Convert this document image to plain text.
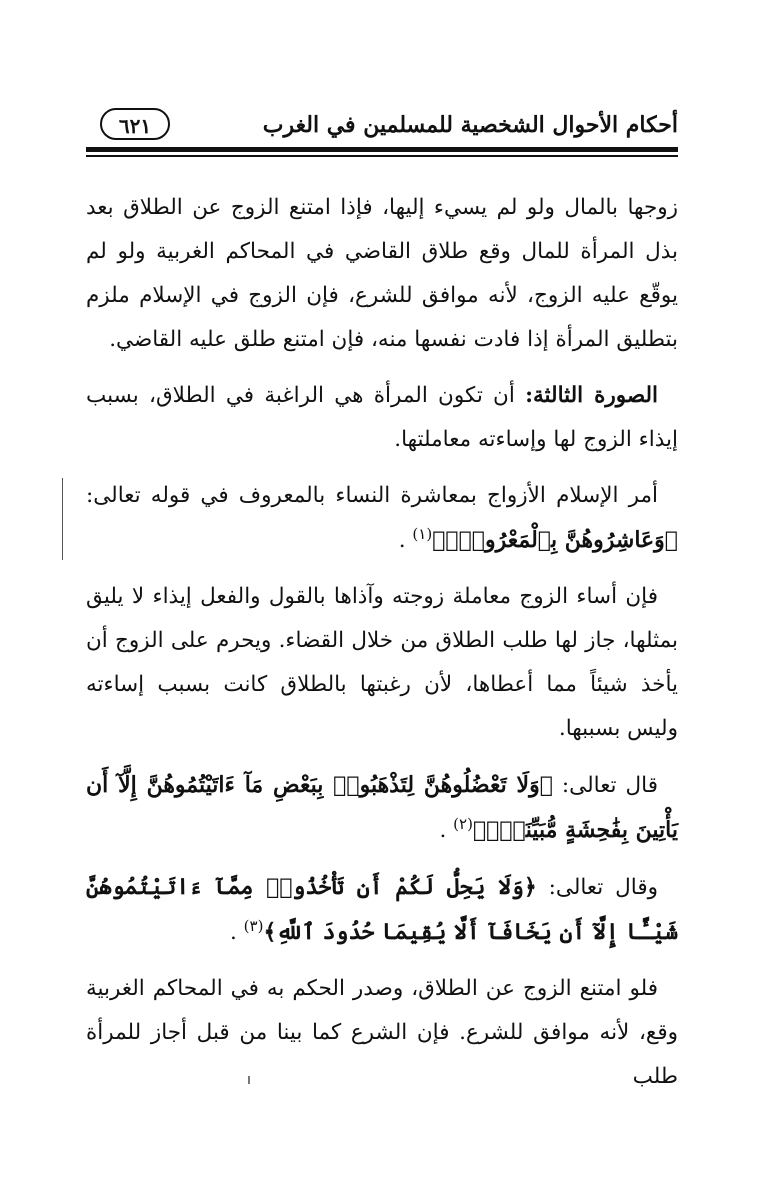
أحكام الأحوال الشخصية للمسلمين في الغرب
٦٢١

زوجها بالمال ولو لم يسيء إليها، فإذا امتنع الزوج عن الطلاق بعد بذل المرأة للمال وقع طلاق القاضي في المحاكم الغربية ولو لم يوقّع عليه الزوج، لأنه موافق للشرع، فإن الزوج في الإسلام ملزم بتطليق المرأة إذا فادت نفسها منه، فإن امتنع طلق عليه القاضي.

الصورة الثالثة: أن تكون المرأة هي الراغبة في الطلاق، بسبب إيذاء الزوج لها وإساءته معاملتها.

أمر الإسلام الأزواج بمعاشرة النساء بالمعروف في قوله تعالى: ﴿وَعَاشِرُوهُنَّ بِٱلْمَعْرُوفِۚ﴾$^{(١)}$ .

فإن أساء الزوج معاملة زوجته وآذاها بالقول والفعل إيذاء لا يليق بمثلها، جاز لها طلب الطلاق من خلال القضاء. ويحرم على الزوج أن يأخذ شيئاً مما أعطاها، لأن رغبتها بالطلاق كانت بسبب إساءته وليس بسببها.

قال تعالى: ﴿وَلَا تَعْضُلُوهُنَّ لِتَذْهَبُوا۟ بِبَعْضِ مَآ ءَاتَيْتُمُوهُنَّ إِلَّآ أَن يَأْتِينَ بِفَٰحِشَةٍ مُّبَيِّنَةٍۚ﴾$^{(٢)}$ .

وقال تعالى: ﴿وَلَا يَحِلُّ لَكُمْ أَن تَأْخُذُوا۟ مِمَّآ ءَاتَيْتُمُوهُنَّ شَيْـًٔا إِلَّآ أَن يَخَافَآ أَلَّا يُقِيمَا حُدُودَ ٱللَّهِ﴾$^{(٣)}$ .

فلو امتنع الزوج عن الطلاق، وصدر الحكم به في المحاكم الغربية وقع، لأنه موافق للشرع. فإن الشرع كما بينا من قبل أجاز للمرأة طلب
